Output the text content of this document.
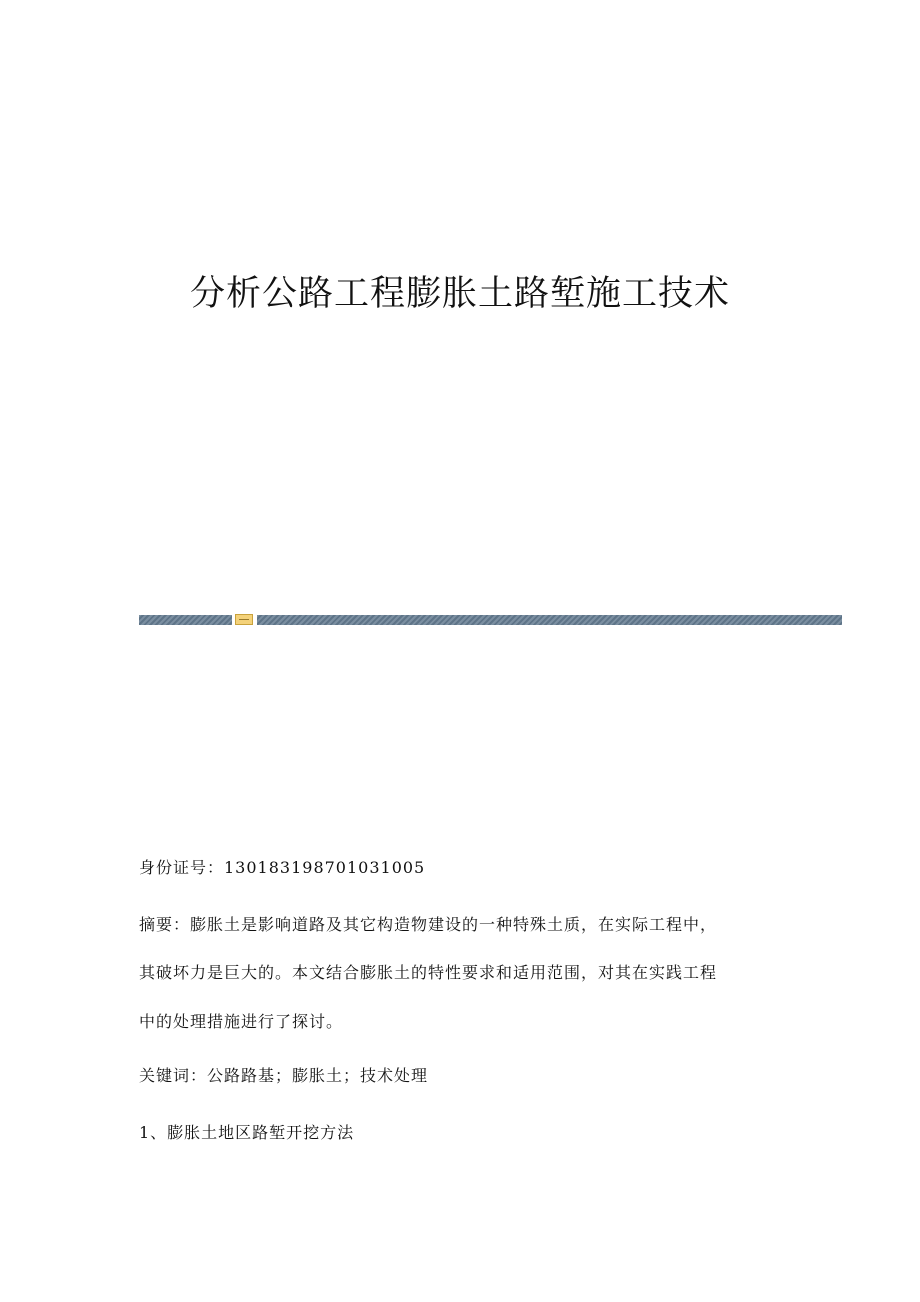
分析公路工程膨胀土路堑施工技术
身份证号：130183198701031005
摘要：膨胀土是影响道路及其它构造物建设的一种特殊土质，在实际工程中，
其破坏力是巨大的。本文结合膨胀土的特性要求和适用范围，对其在实践工程
中的处理措施进行了探讨。
关键词：公路路基；膨胀土；技术处理
1、膨胀土地区路堑开挖方法
